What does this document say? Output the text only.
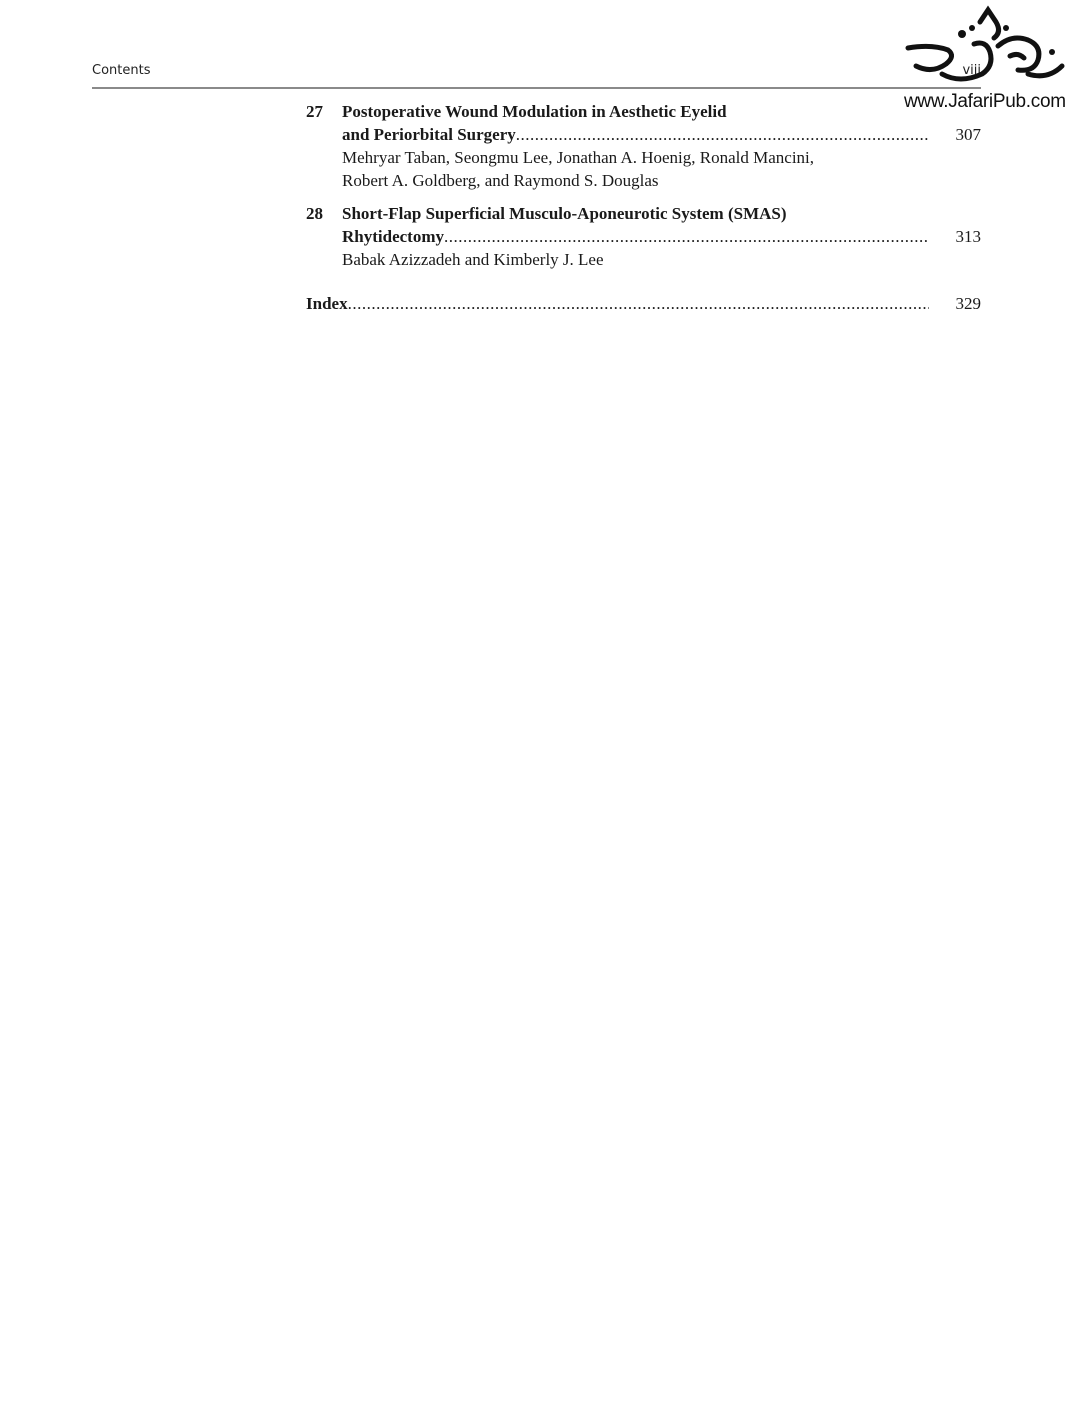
Contents	viii
www.JafariPub.com
27 Postoperative Wound Modulation in Aesthetic Eyelid
and Periorbital Surgery .....	307
Mehryar Taban, Seongmu Lee, Jonathan A. Hoenig, Ronald Mancini,
Robert A. Goldberg, and Raymond S. Douglas
28 Short-Flap Superficial Musculo-Aponeurotic System (SMAS)
Rhytidectomy .....	313
Babak Azizzadeh and Kimberly J. Lee
Index .....	329
